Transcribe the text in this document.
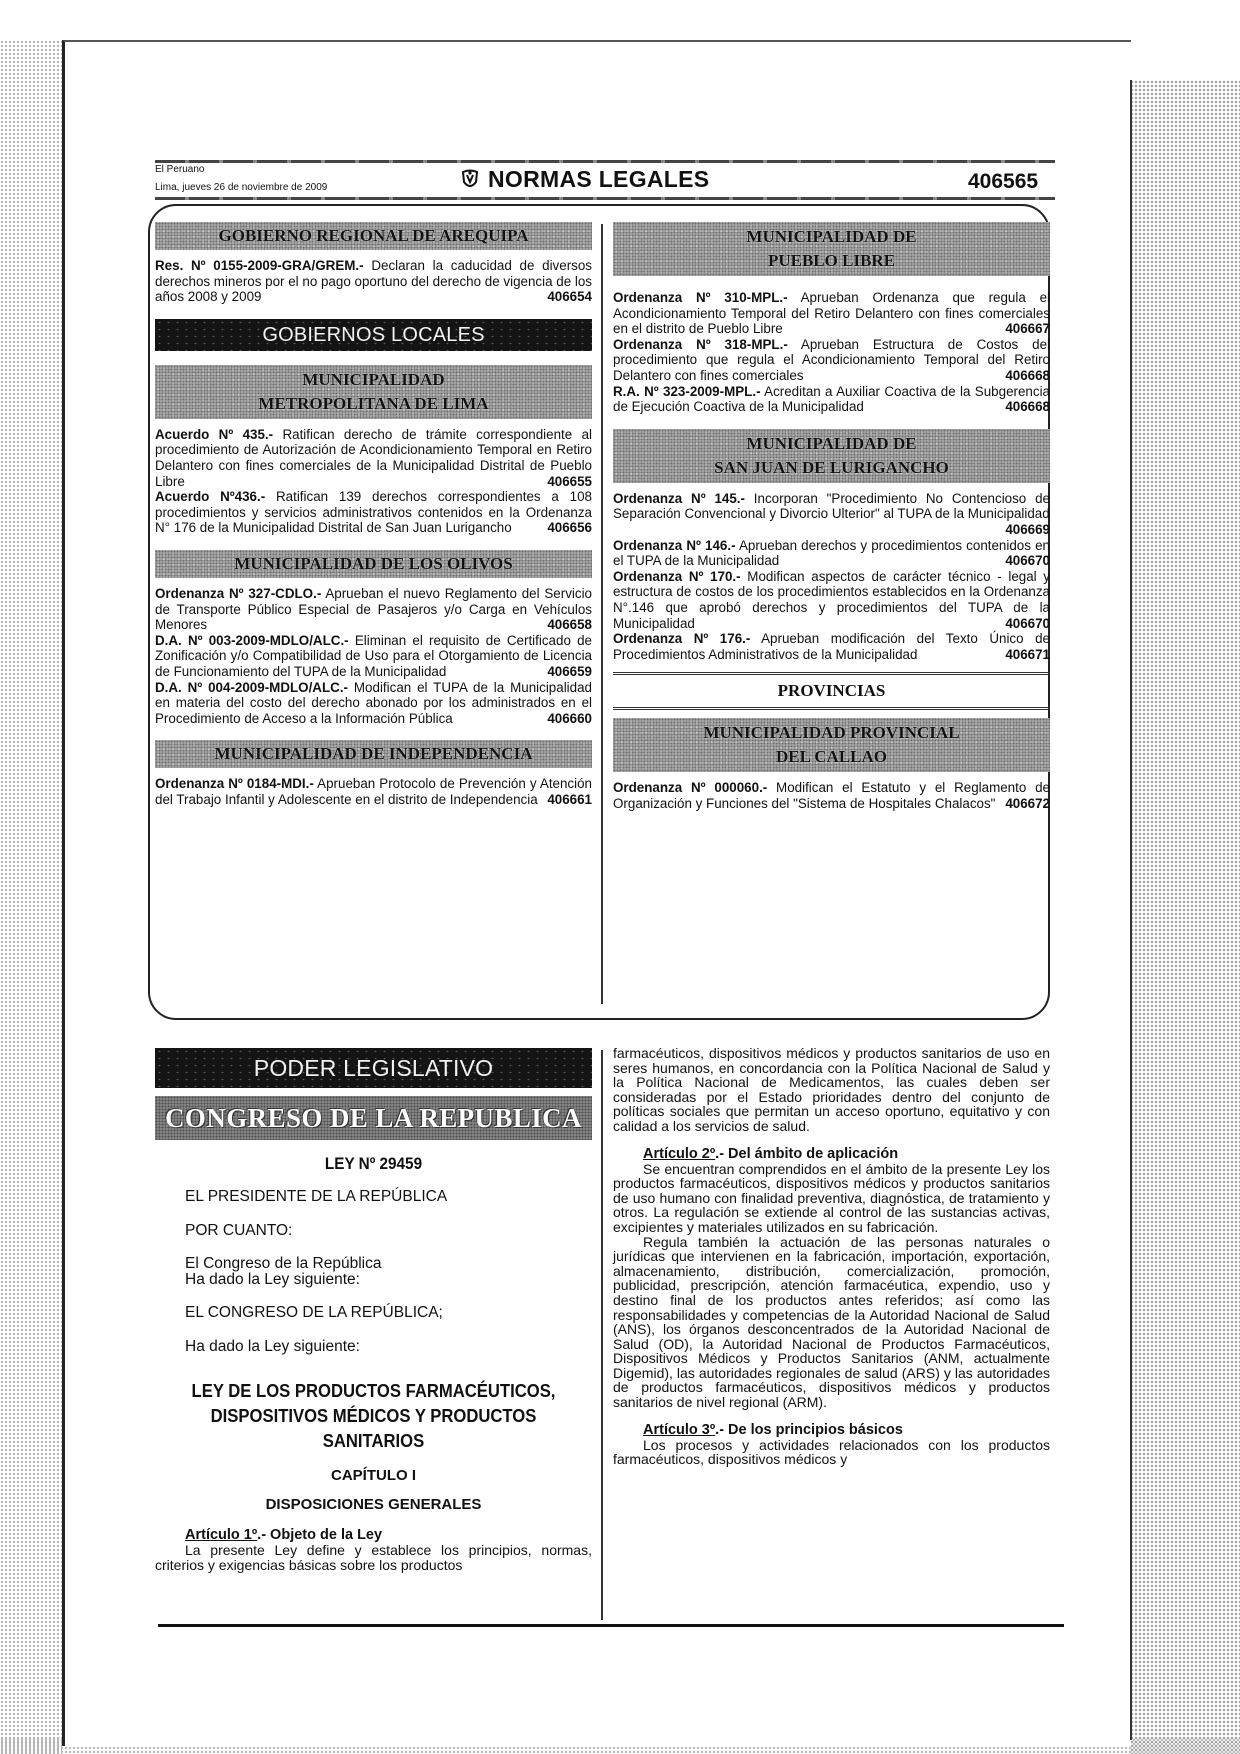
El Peruano
Lima, jueves 26 de noviembre de 2009	NORMAS LEGALES	406565
GOBIERNO REGIONAL DE AREQUIPA

Res. Nº 0155-2009-GRA/GREM.- Declaran la caducidad de diversos derechos mineros por el no pago oportuno del derecho de vigencia de los años 2008 y 2009	406654

GOBIERNOS LOCALES
MUNICIPALIDAD
METROPOLITANA DE LIMA

Acuerdo Nº 435.- Ratifican derecho de trámite correspondiente al procedimiento de Autorización de Acondicionamiento Temporal en Retiro Delantero con fines comerciales de la Municipalidad Distrital de Pueblo Libre	406655

Acuerdo Nº436.- Ratifican 139 derechos correspondientes a 108 procedimientos y servicios administrativos contenidos en la Ordenanza N° 176 de la Municipalidad Distrital de San Juan Lurigancho	406656

MUNICIPALIDAD DE LOS OLIVOS

Ordenanza Nº 327-CDLO.- Aprueban el nuevo Reglamento del Servicio de Transporte Público Especial de Pasajeros y/o Carga en Vehículos Menores	406658

D.A. Nº 003-2009-MDLO/ALC.- Eliminan el requisito de Certificado de Zonificación y/o Compatibilidad de Uso para el Otorgamiento de Licencia de Funcionamiento del TUPA de la Municipalidad	406659

D.A. Nº 004-2009-MDLO/ALC.- Modifican el TUPA de la Municipalidad en materia del costo del derecho abonado por los administrados en el Procedimiento de Acceso a la Información Pública	406660

MUNICIPALIDAD DE INDEPENDENCIA

Ordenanza Nº 0184-MDI.- Aprueban Protocolo de Prevención y Atención del Trabajo Infantil y Adolescente en el distrito de Independencia 406661

MUNICIPALIDAD DE
PUEBLO LIBRE

Ordenanza Nº 310-MPL.- Aprueban Ordenanza que regula el Acondicionamiento Temporal del Retiro Delantero con fines comerciales en el distrito de Pueblo Libre	406667

Ordenanza Nº 318-MPL.- Aprueban Estructura de Costos del procedimiento que regula el Acondicionamiento Temporal del Retiro Delantero con fines comerciales	406668

R.A. Nº 323-2009-MPL.- Acreditan a Auxiliar Coactiva de la Subgerencia de Ejecución Coactiva de la Municipalidad	406668

MUNICIPALIDAD DE
SAN JUAN DE LURIGANCHO

Ordenanza Nº 145.- Incorporan "Procedimiento No Contencioso de Separación Convencional y Divorcio Ulterior" al TUPA de la Municipalidad
406669

Ordenanza Nº 146.- Aprueban derechos y procedimientos contenidos en el TUPA de la Municipalidad	406670

Ordenanza Nº 170.- Modifican aspectos de carácter técnico - legal y estructura de costos de los procedimientos establecidos en la Ordenanza N°.146 que aprobó derechos y procedimientos del TUPA de la Municipalidad	406670

Ordenanza Nº 176.- Aprueban modificación del Texto Único de Procedimientos Administrativos de la Municipalidad	406671

PROVINCIAS
MUNICIPALIDAD PROVINCIAL
DEL CALLAO

Ordenanza Nº 000060.- Modifican el Estatuto y el Reglamento de Organización y Funciones del "Sistema de Hospitales Chalacos" 406672

PODER LEGISLATIVO
CONGRESO DE LA REPUBLICA
LEY Nº 29459

EL PRESIDENTE DE LA REPÚBLICA

POR CUANTO:

El Congreso de la República

Ha dado la Ley siguiente:

EL CONGRESO DE LA REPÚBLICA;

Ha dado la Ley siguiente:

LEY DE LOS PRODUCTOS FARMACÉUTICOS,
DISPOSITIVOS MÉDICOS Y PRODUCTOS
SANITARIOS
CAPÍTULO I
DISPOSICIONES GENERALES

Artículo 1º.- Objeto de la Ley

La presente Ley define y establece los principios, normas, criterios y exigencias básicas sobre los productos

farmacéuticos, dispositivos médicos y productos sanitarios de uso en seres humanos, en concordancia con la Política Nacional de Salud y la Política Nacional de Medicamentos, las cuales deben ser consideradas por el Estado prioridades dentro del conjunto de políticas sociales que permitan un acceso oportuno, equitativo y con calidad a los servicios de salud.

Artículo 2º.- Del ámbito de aplicación

Se encuentran comprendidos en el ámbito de la presente Ley los productos farmacéuticos, dispositivos médicos y productos sanitarios de uso humano con finalidad preventiva, diagnóstica, de tratamiento y otros. La regulación se extiende al control de las sustancias activas, excipientes y materiales utilizados en su fabricación.

Regula también la actuación de las personas naturales o jurídicas que intervienen en la fabricación, importación, exportación, almacenamiento, distribución, comercialización, promoción, publicidad, prescripción, atención farmacéutica, expendio, uso y destino final de los productos antes referidos; así como las responsabilidades y competencias de la Autoridad Nacional de Salud (ANS), los órganos desconcentrados de la Autoridad Nacional de Salud (OD), la Autoridad Nacional de Productos Farmacéuticos, Dispositivos Médicos y Productos Sanitarios (ANM, actualmente Digemid), las autoridades regionales de salud (ARS) y las autoridades de productos farmacéuticos, dispositivos médicos y productos sanitarios de nivel regional (ARM).

Artículo 3º.- De los principios básicos

Los procesos y actividades relacionados con los productos farmacéuticos, dispositivos médicos y
